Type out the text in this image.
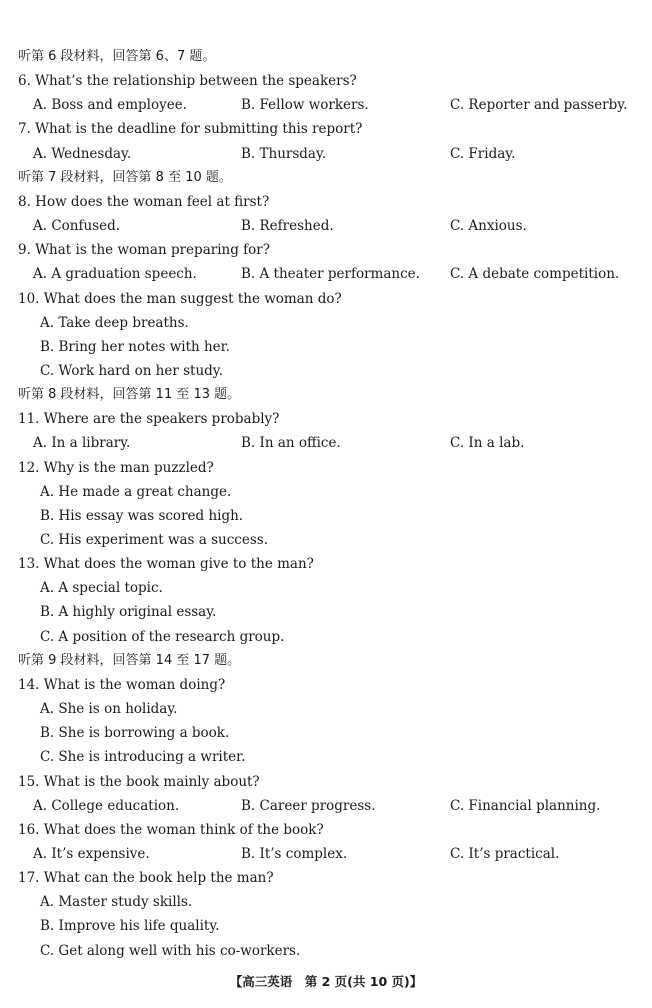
听第 6 段材料，回答第 6、7 题。
6. What’s the relationship between the speakers?
A. Boss and employee.	B. Fellow workers.	C. Reporter and passerby.
7. What is the deadline for submitting this report?
A. Wednesday.	B. Thursday.	C. Friday.
听第 7 段材料，回答第 8 至 10 题。
8. How does the woman feel at first?
A. Confused.	B. Refreshed.	C. Anxious.
9. What is the woman preparing for?
A. A graduation speech.	B. A theater performance. C. A debate competition.
10. What does the man suggest the woman do?
A. Take deep breaths.
B. Bring her notes with her.
C. Work hard on her study.
听第 8 段材料，回答第 11 至 13 题。
11. Where are the speakers probably?
A. In a library.	B. In an office.	C. In a lab.
12. Why is the man puzzled?
A. He made a great change.
B. His essay was scored high.
C. His experiment was a success.
13. What does the woman give to the man?
A. A special topic.
B. A highly original essay.
C. A position of the research group.
听第 9 段材料，回答第 14 至 17 题。
14. What is the woman doing?
A. She is on holiday.
B. She is borrowing a book.
C. She is introducing a writer.
15. What is the book mainly about?
A. College education.	B. Career progress.	C. Financial planning.
16. What does the woman think of the book?
A. It’s expensive.	B. It’s complex.	C. It’s practical.
17. What can the book help the man?
A. Master study skills.
B. Improve his life quality.
C. Get along well with his co-workers.
【高三英语　第 2 页(共 10 页)】
